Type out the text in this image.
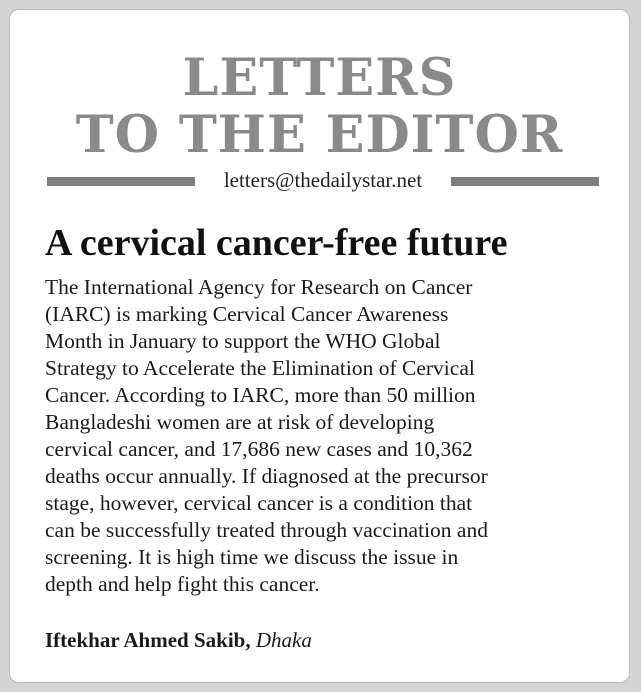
LETTERS
TO THE EDITOR
letters@thedailystar.net
A cervical cancer-free future
The International Agency for Research on Cancer
(IARC) is marking Cervical Cancer Awareness
Month in January to support the WHO Global
Strategy to Accelerate the Elimination of Cervical
Cancer. According to IARC, more than 50 million
Bangladeshi women are at risk of developing
cervical cancer, and 17,686 new cases and 10,362
deaths occur annually. If diagnosed at the precursor
stage, however, cervical cancer is a condition that
can be successfully treated through vaccination and
screening. It is high time we discuss the issue in
depth and help fight this cancer.
Iftekhar Ahmed Sakib, Dhaka
